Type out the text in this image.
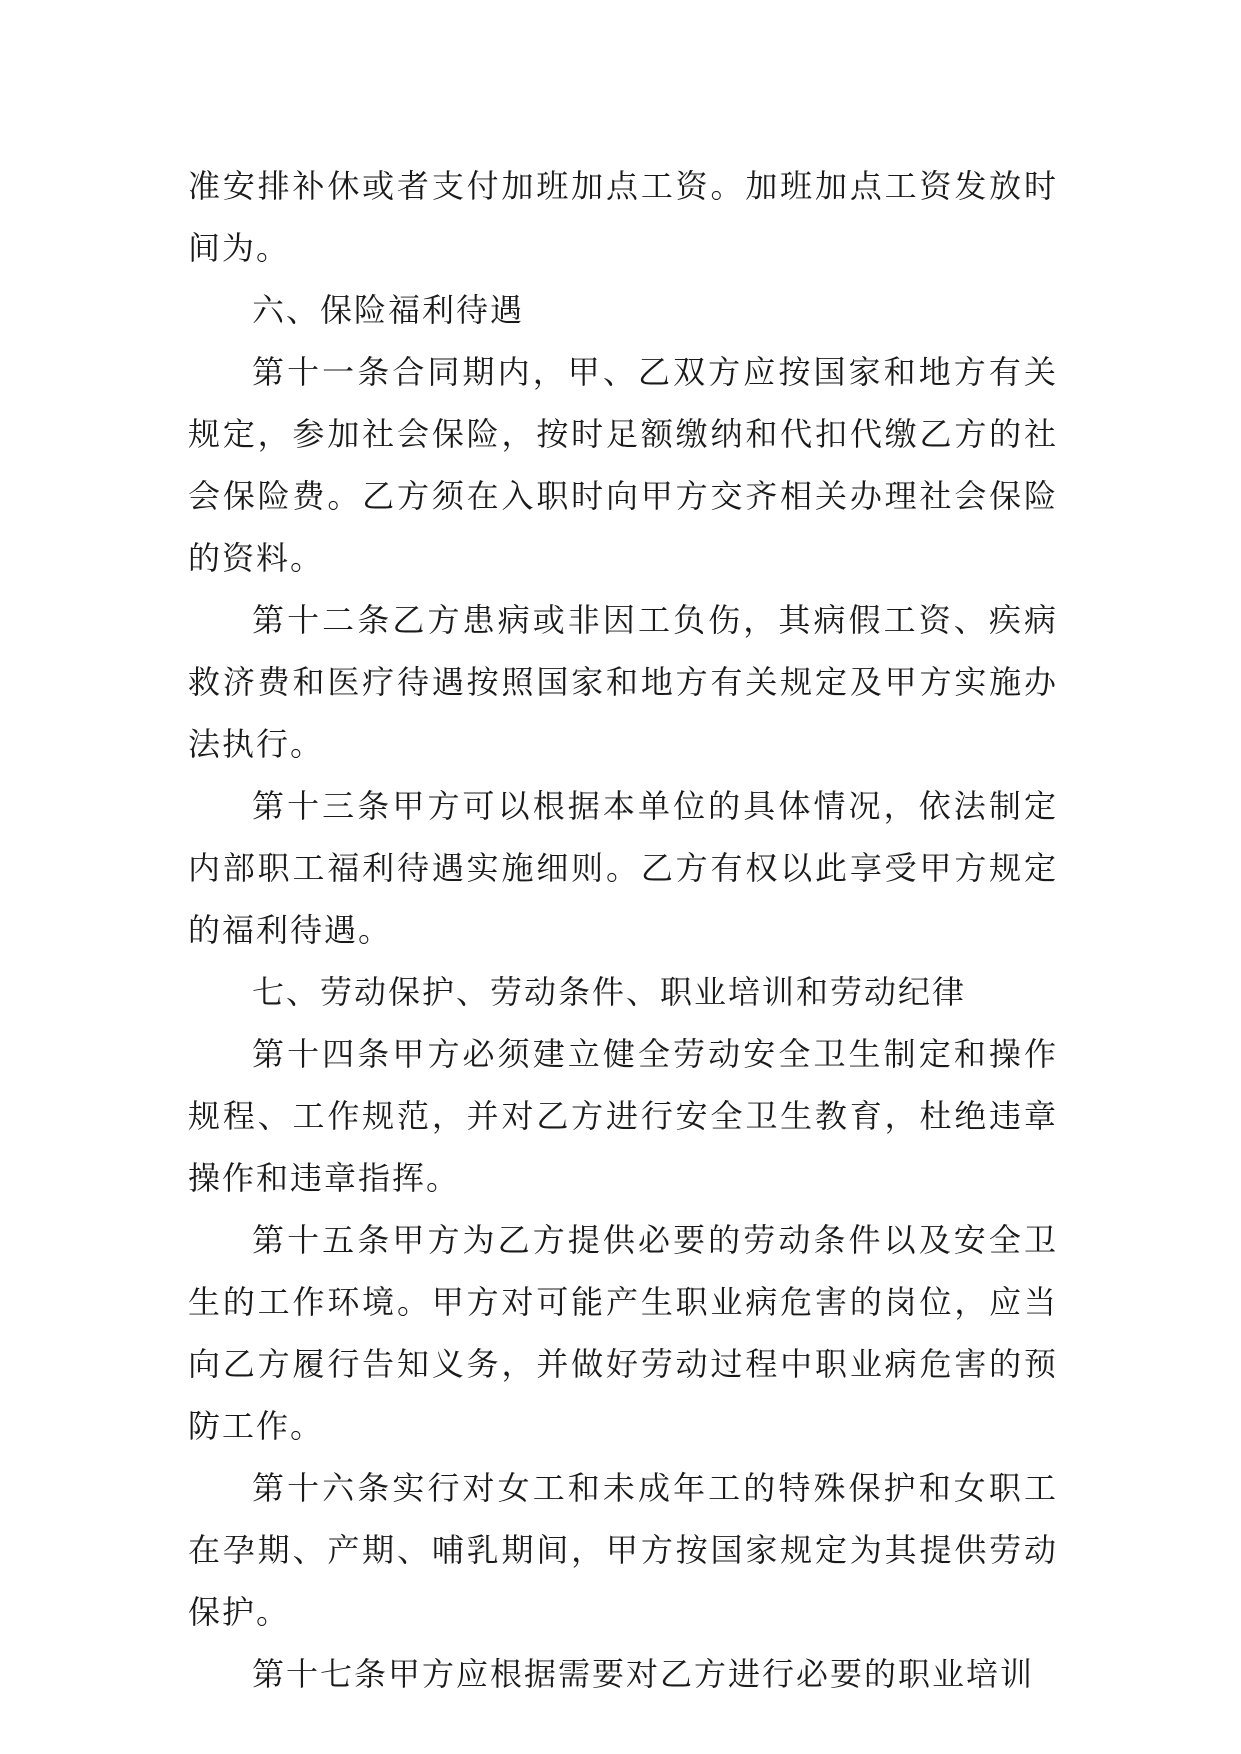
准安排补休或者支付加班加点工资。加班加点工资发放时间为。

六、保险福利待遇

第十一条合同期内，甲、乙双方应按国家和地方有关规定，参加社会保险，按时足额缴纳和代扣代缴乙方的社会保险费。乙方须在入职时向甲方交齐相关办理社会保险的资料。

第十二条乙方患病或非因工负伤，其病假工资、疾病救济费和医疗待遇按照国家和地方有关规定及甲方实施办法执行。

第十三条甲方可以根据本单位的具体情况，依法制定内部职工福利待遇实施细则。乙方有权以此享受甲方规定的福利待遇。

七、劳动保护、劳动条件、职业培训和劳动纪律

第十四条甲方必须建立健全劳动安全卫生制定和操作规程、工作规范，并对乙方进行安全卫生教育，杜绝违章操作和违章指挥。

第十五条甲方为乙方提供必要的劳动条件以及安全卫生的工作环境。甲方对可能产生职业病危害的岗位，应当向乙方履行告知义务，并做好劳动过程中职业病危害的预防工作。

第十六条实行对女工和未成年工的特殊保护和女职工在孕期、产期、哺乳期间，甲方按国家规定为其提供劳动保护。

第十七条甲方应根据需要对乙方进行必要的职业培训
